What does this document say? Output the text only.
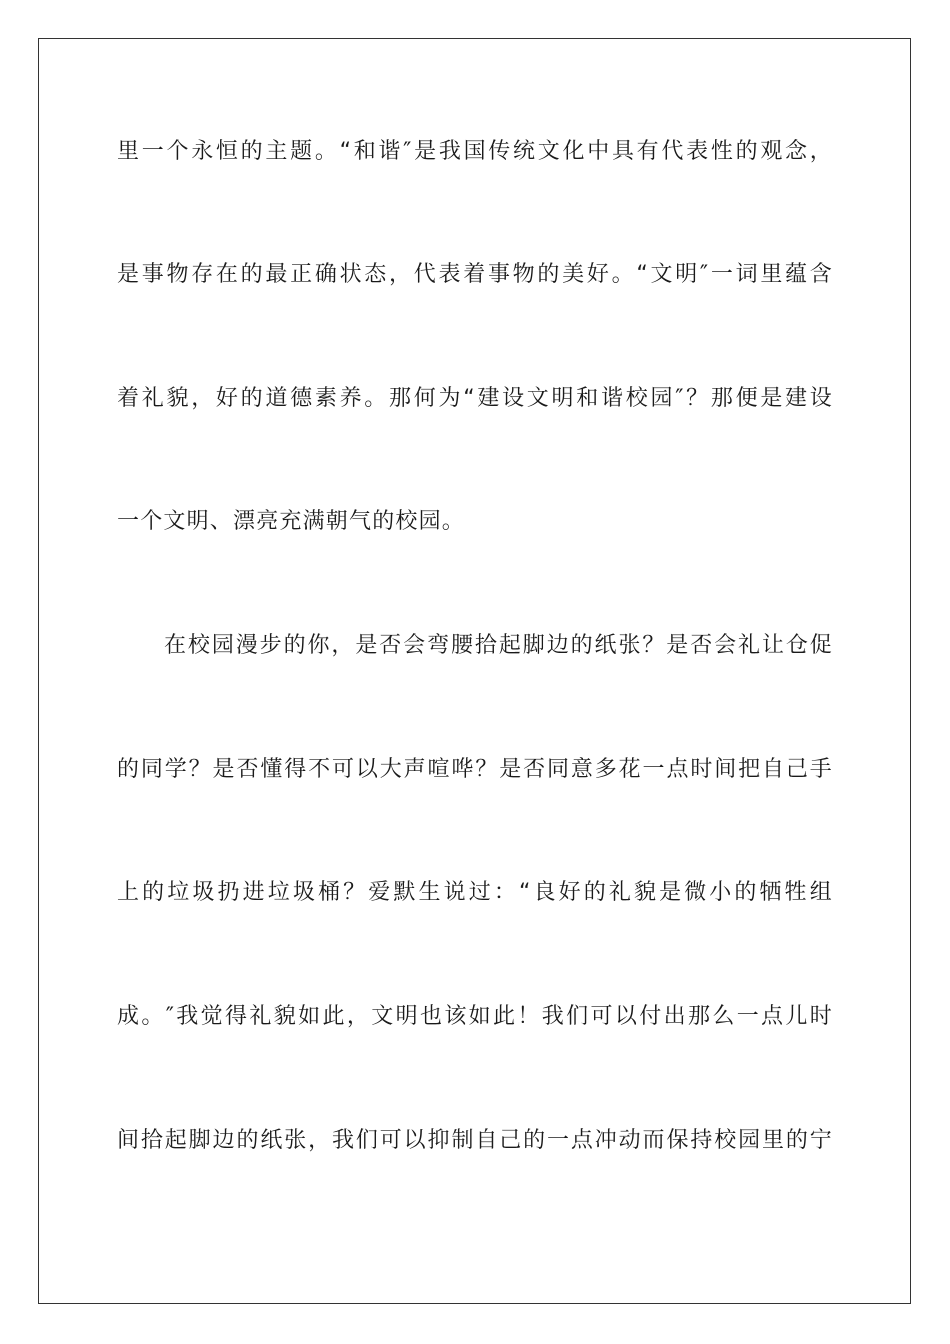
里一个永恒的主题。“和谐″是我国传统文化中具有代表性的观念，
是事物存在的最正确状态，代表着事物的美好。“文明″一词里蕴含
着礼貌，好的道德素养。那何为“建设文明和谐校园″？那便是建设
一个文明、漂亮充满朝气的校园。
在校园漫步的你，是否会弯腰拾起脚边的纸张？是否会礼让仓促
的同学？是否懂得不可以大声喧哗？是否同意多花一点时间把自己手
上的垃圾扔进垃圾桶？爱默生说过：“良好的礼貌是微小的牺牲组
成。″我觉得礼貌如此，文明也该如此！我们可以付出那么一点儿时
间拾起脚边的纸张，我们可以抑制自己的一点冲动而保持校园里的宁
